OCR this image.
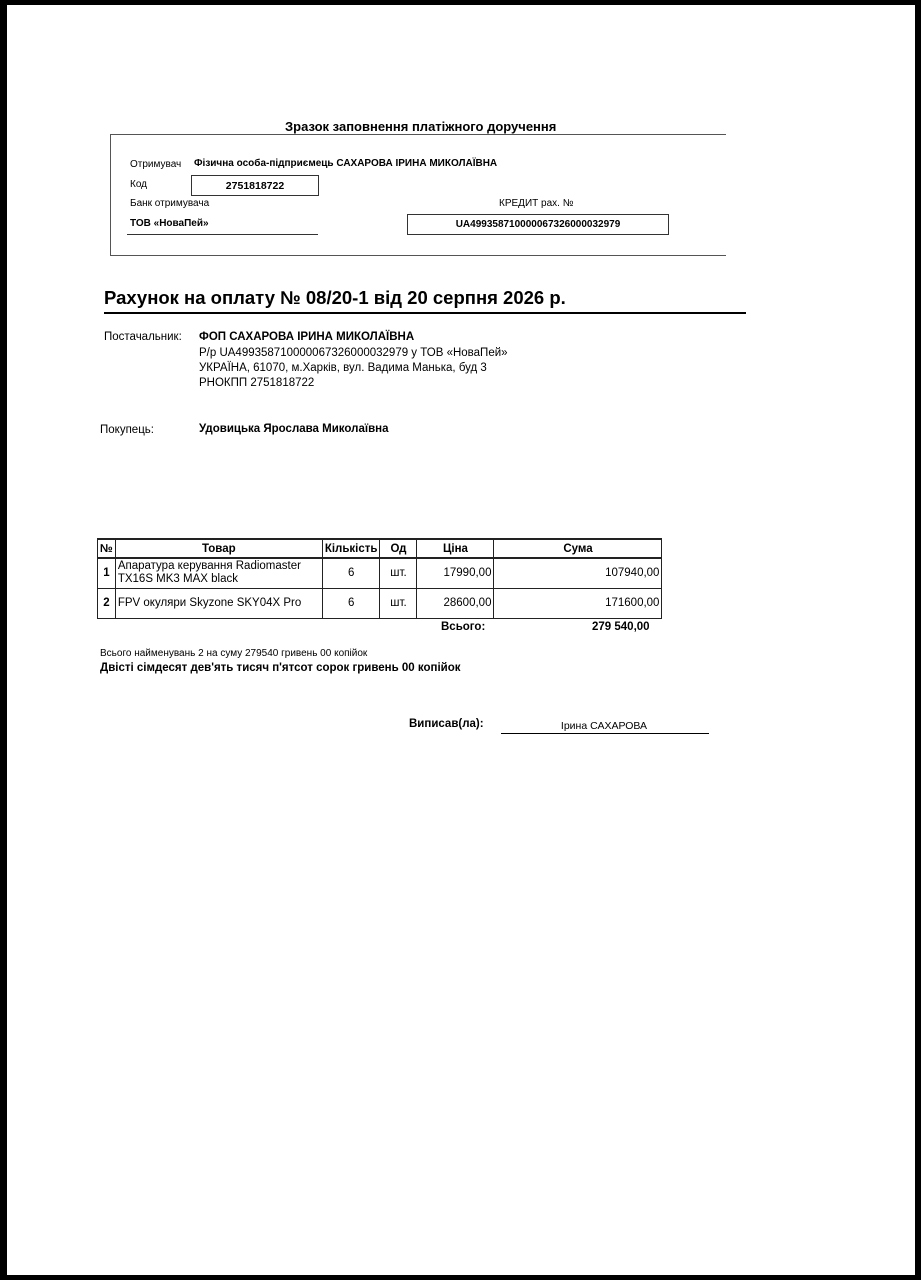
Зразок заповнення платіжного доручення
Отримувач Фізична особа-підприємець САХАРОВА ІРИНА МИКОЛАЇВНА
Код	2751818722
Банк отримувача	КРЕДИТ рах. №
ТОВ «НоваПей»	UA499358710000067326000032979
Рахунок на оплату № 08/20-1 від 20 серпня 2026 р.
Постачальник: ФОП САХАРОВА ІРИНА МИКОЛАЇВНА
Р/р UA499358710000067326000032979 у ТОВ «НоваПей»
УКРАЇНА, 61070, м.Харків, вул. Вадима Манька, буд 3
РНОКПП 2751818722
Покупець:	Удовицька Ярослава Миколаївна
№	Товар	Кількість	Од	Ціна	Сума
1	Апаратура керування Radiomaster TX16S MK3 MAX black	6	шт.	17990,00	107940,00
2	FPV окуляри Skyzone SKY04X Pro	6	шт.	28600,00	171600,00
Всього:	279 540,00
Всього найменувань 2 на суму 279540 гривень 00 копійок
Двісті сімдесят дев'ять тисяч п'ятсот сорок гривень 00 копійок
Виписав(ла):	Ірина САХАРОВА
